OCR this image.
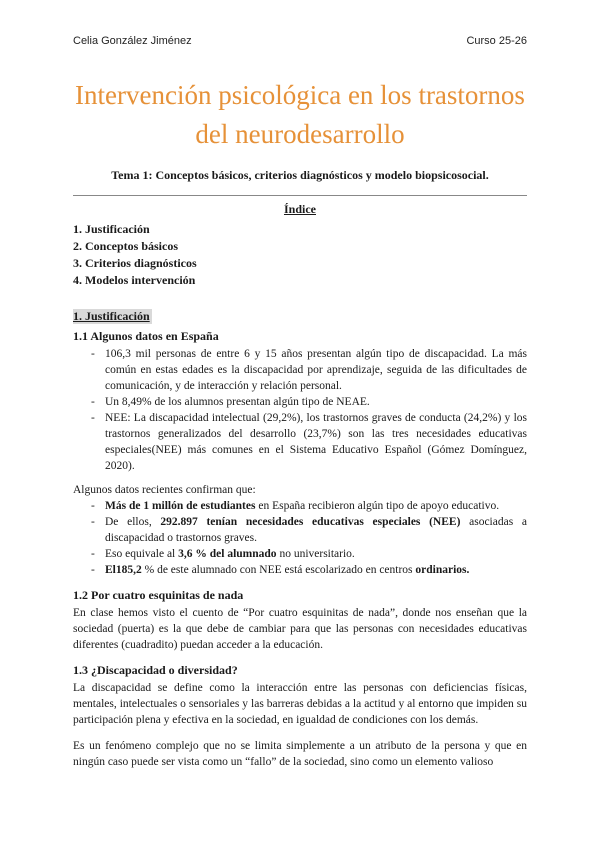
Celia González Jiménez	Curso 25-26
Intervención psicológica en los trastornos del neurodesarrollo

Tema 1: Conceptos básicos, criterios diagnósticos y modelo biopsicosocial.

Índice
1. Justificación
2. Conceptos básicos
3. Criterios diagnósticos
4. Modelos intervención
1. Justificación
1.1 Algunos datos en España
- 106,3 mil personas de entre 6 y 15 años presentan algún tipo de discapacidad. La más común en estas edades es la discapacidad por aprendizaje, seguida de las dificultades de comunicación, y de interacción y relación personal.
- Un 8,49% de los alumnos presentan algún tipo de NEAE.
- NEE: La discapacidad intelectual (29,2%), los trastornos graves de conducta (24,2%) y los trastornos generalizados del desarrollo (23,7%) son las tres necesidades educativas especiales(NEE) más comunes en el Sistema Educativo Español (Gómez Domínguez, 2020).

Algunos datos recientes confirman que:

- Más de 1 millón de estudiantes en España recibieron algún tipo de apoyo educativo.
- De ellos, 292.897 tenían necesidades educativas especiales (NEE) asociadas a discapacidad o trastornos graves.
- Eso equivale al 3,6 % del alumnado no universitario.
- El185,2 % de este alumnado con NEE está escolarizado en centros ordinarios.
1.2 Por cuatro esquinitas de nada

En clase hemos visto el cuento de “Por cuatro esquinitas de nada”, donde nos enseñan que la sociedad (puerta) es la que debe de cambiar para que las personas con necesidades educativas diferentes (cuadradito) puedan acceder a la educación.

1.3 ¿Discapacidad o diversidad?

La discapacidad se define como la interacción entre las personas con deficiencias físicas, mentales, intelectuales o sensoriales y las barreras debidas a la actitud y al entorno que impiden su participación plena y efectiva en la sociedad, en igualdad de condiciones con los demás.

Es un fenómeno complejo que no se limita simplemente a un atributo de la persona y que en ningún caso puede ser vista como un “fallo” de la sociedad, sino como un elemento valioso
